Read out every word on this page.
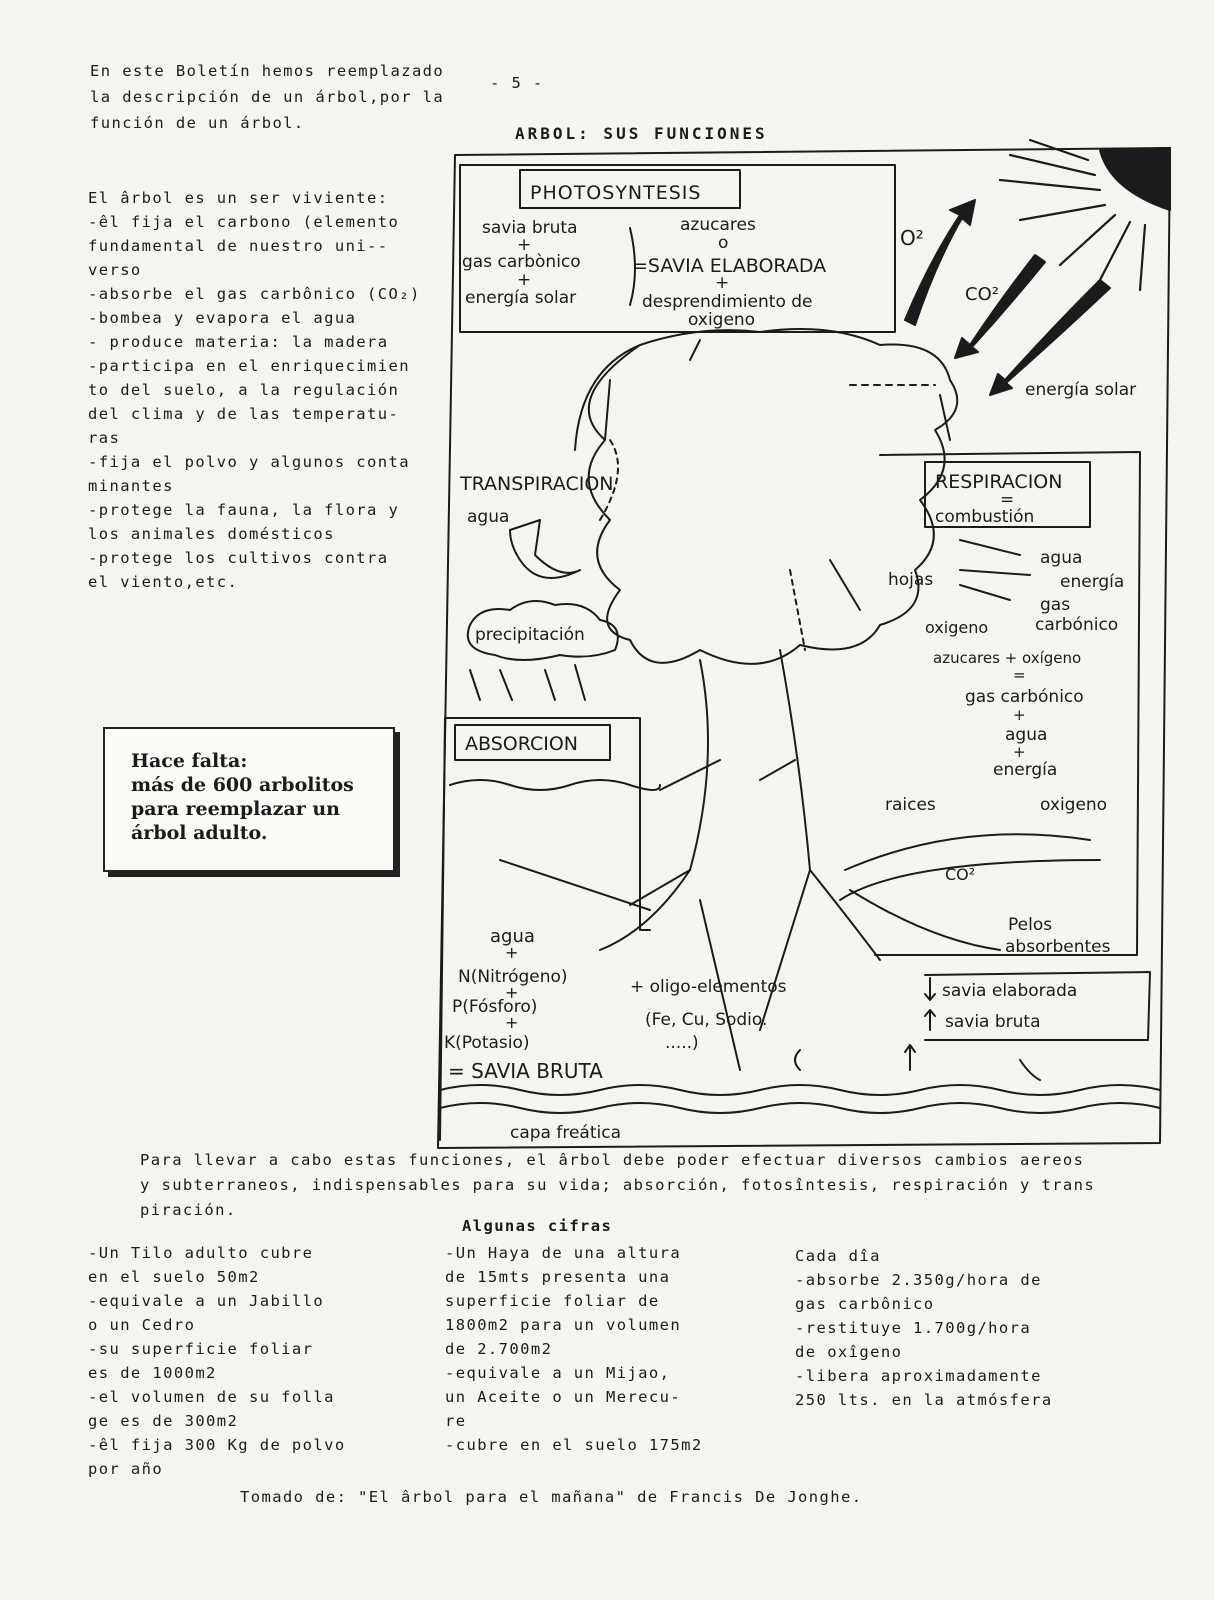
PHOTOSYNTESIS
savia bruta
+
gas carbònico
+
energía solar
azucares
o
=SAVIA ELABORADA
+
desprendimiento de
oxigeno
O²
CO²
energía solar
TRANSPIRACION
agua
precipitación
RESPIRACION
=
combustión
hojas
agua
energía
gas
carbónico
oxigeno
azucares + oxígeno
=
gas carbónico
+
agua
+
energía
ABSORCION
agua
+
N(Nitrógeno)
+
P(Fósforo)
+
K(Potasio)
= SAVIA BRUTA
+ oligo-elementos
(Fe, Cu, Sodio.
.....)
raices	oxigeno
CO²
Pelos
absorbentes
savia elaborada
savia bruta
capa freática
En este Boletín hemos reemplazado
la descripción de un árbol,por la
función de un árbol.
- 5 -
ARBOL: SUS FUNCIONES
El ârbol es un ser viviente:
-êl fija el carbono (elemento
fundamental de nuestro uni--
verso
-absorbe el gas carbônico (CO₂)
-bombea y evapora el agua
- produce materia: la madera
-participa en el enriquecimien
to del suelo, a la regulación
del clima y de las temperatu-
ras
-fija el polvo y algunos conta
minantes
-protege la fauna, la flora y
los animales domésticos
-protege los cultivos contra
el viento,etc.
Hace falta:
más de 600 arbolitos
para reemplazar un
árbol adulto.
Para llevar a cabo estas funciones, el ârbol debe poder efectuar diversos cambios aereos
y subterraneos, indispensables para su vida; absorción, fotosîntesis, respiración y trans
piración.
Algunas cifras
-Un Tilo adulto cubre
en el suelo 50m2
-equivale a un Jabillo
o un Cedro
-su superficie foliar
es de 1000m2
-el volumen de su folla
ge es de 300m2
-êl fija 300 Kg de polvo
por año
-Un Haya de una altura
de 15mts presenta una
superficie foliar de
1800m2 para un volumen
de 2.700m2
-equivale a un Mijao,
un Aceite o un Merecu-
re
-cubre en el suelo 175m2
Cada dîa
-absorbe 2.350g/hora de
gas carbônico
-restituye 1.700g/hora
de oxîgeno
-libera aproximadamente
250 lts. en la atmósfera
Tomado de: "El ârbol para el mañana" de Francis De Jonghe.
